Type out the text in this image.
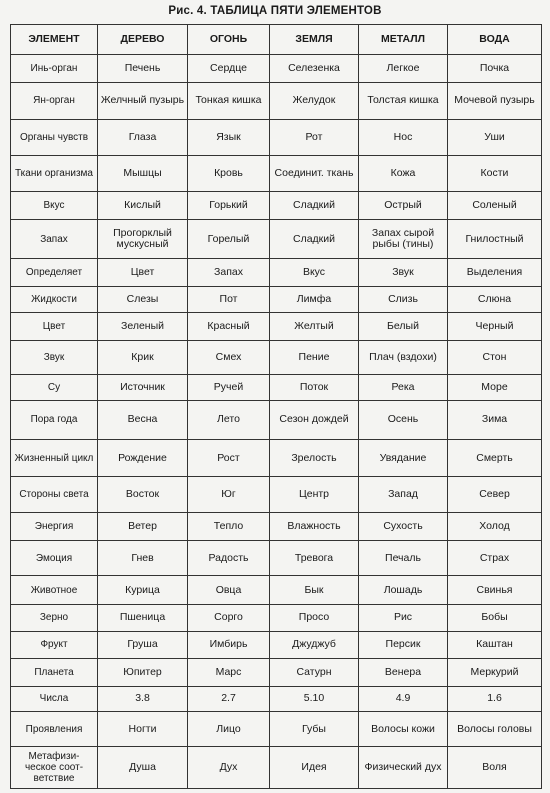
Рис. 4. ТАБЛИЦА ПЯТИ ЭЛЕМЕНТОВ
ЭЛЕМЕНТ	ДЕРЕВО	ОГОНЬ	ЗЕМЛЯ	МЕТАЛЛ	ВОДА
Инь-орган	Печень	Сердце	Селезенка	Легкое	Почка
Ян-орган	Желчный пузырь	Тонкая кишка	Желудок	Толстая кишка	Мочевой пузырь
Органы чувств	Глаза	Язык	Рот	Нос	Уши
Ткани организма	Мышцы	Кровь	Соединит. ткань	Кожа	Кости
Вкус	Кислый	Горький	Сладкий	Острый	Соленый
Запах	Прогорклый мускусный	Горелый	Сладкий	Запах сырой рыбы (тины)	Гнилостный
Определяет	Цвет	Запах	Вкус	Звук	Выделения
Жидкости	Слезы	Пот	Лимфа	Слизь	Слюна
Цвет	Зеленый	Красный	Желтый	Белый	Черный
Звук	Крик	Смех	Пение	Плач (вздохи)	Стон
Су	Источник	Ручей	Поток	Река	Море
Пора года	Весна	Лето	Сезон дождей	Осень	Зима
Жизненный цикл	Рождение	Рост	Зрелость	Увядание	Смерть
Стороны света	Восток	Юг	Центр	Запад	Север
Энергия	Ветер	Тепло	Влажность	Сухость	Холод
Эмоция	Гнев	Радость	Тревога	Печаль	Страх
Животное	Курица	Овца	Бык	Лошадь	Свинья
Зерно	Пшеница	Сорго	Просо	Рис	Бобы
Фрукт	Груша	Имбирь	Джуджуб	Персик	Каштан
Планета	Юпитер	Марс	Сатурн	Венера	Меркурий
Числа	3.8	2.7	5.10	4.9	1.6
Проявления	Ногти	Лицо	Губы	Волосы кожи	Волосы головы
Метафизи-ческое соот-ветствие	Душа	Дух	Идея	Физический дух	Воля
